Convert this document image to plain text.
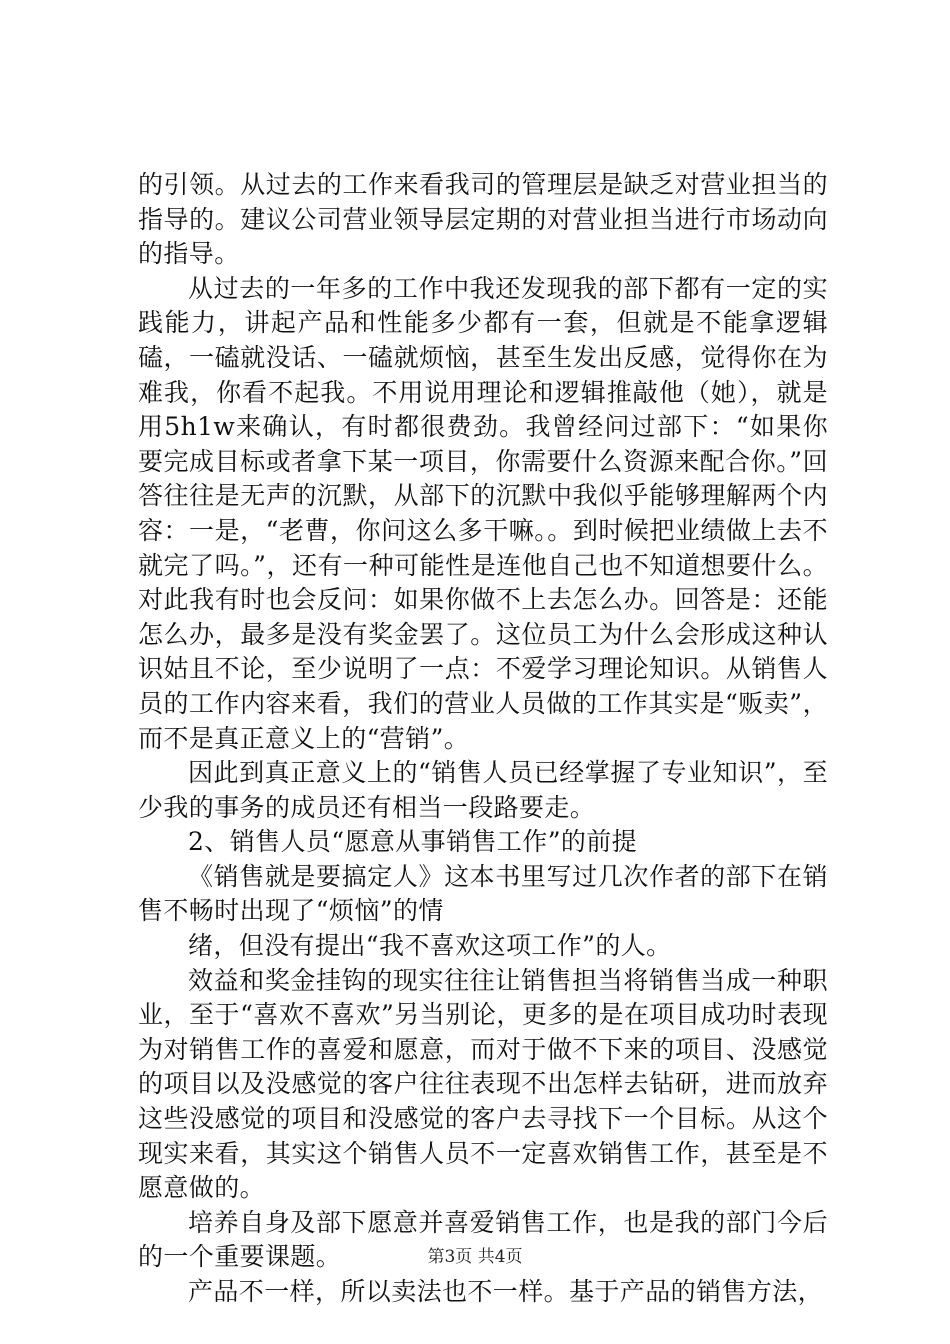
的引领。从过去的工作来看我司的管理层是缺乏对营业担当的指导的。建议公司营业领导层定期的对营业担当进行市场动向的指导。

从过去的一年多的工作中我还发现我的部下都有一定的实践能力，讲起产品和性能多少都有一套，但就是不能拿逻辑磕，一磕就没话、一磕就烦恼，甚至生发出反感，觉得你在为难我，你看不起我。不用说用理论和逻辑推敲他（她），就是用5h1w来确认，有时都很费劲。我曾经问过部下：“如果你要完成目标或者拿下某一项目，你需要什么资源来配合你。”回答往往是无声的沉默，从部下的沉默中我似乎能够理解两个内容：一是，“老曹，你问这么多干嘛。。到时候把业绩做上去不就完了吗。”，还有一种可能性是连他自己也不知道想要什么。对此我有时也会反问：如果你做不上去怎么办。回答是：还能怎么办，最多是没有奖金罢了。这位员工为什么会形成这种认识姑且不论，至少说明了一点：不爱学习理论知识。从销售人员的工作内容来看，我们的营业人员做的工作其实是“贩卖”，而不是真正意义上的“营销”。

因此到真正意义上的“销售人员已经掌握了专业知识”，至少我的事务的成员还有相当一段路要走。

2、销售人员“愿意从事销售工作”的前提

《销售就是要搞定人》这本书里写过几次作者的部下在销售不畅时出现了“烦恼”的情

绪，但没有提出“我不喜欢这项工作”的人。

效益和奖金挂钩的现实往往让销售担当将销售当成一种职业，至于“喜欢不喜欢”另当别论，更多的是在项目成功时表现为对销售工作的喜爱和愿意，而对于做不下来的项目、没感觉的项目以及没感觉的客户往往表现不出怎样去钻研，进而放弃这些没感觉的项目和没感觉的客户去寻找下一个目标。从这个现实来看，其实这个销售人员不一定喜欢销售工作，甚至是不愿意做的。

培养自身及部下愿意并喜爱销售工作，也是我的部门今后的一个重要课题。

产品不一样，所以卖法也不一样。基于产品的销售方法，

第3页 共4页
